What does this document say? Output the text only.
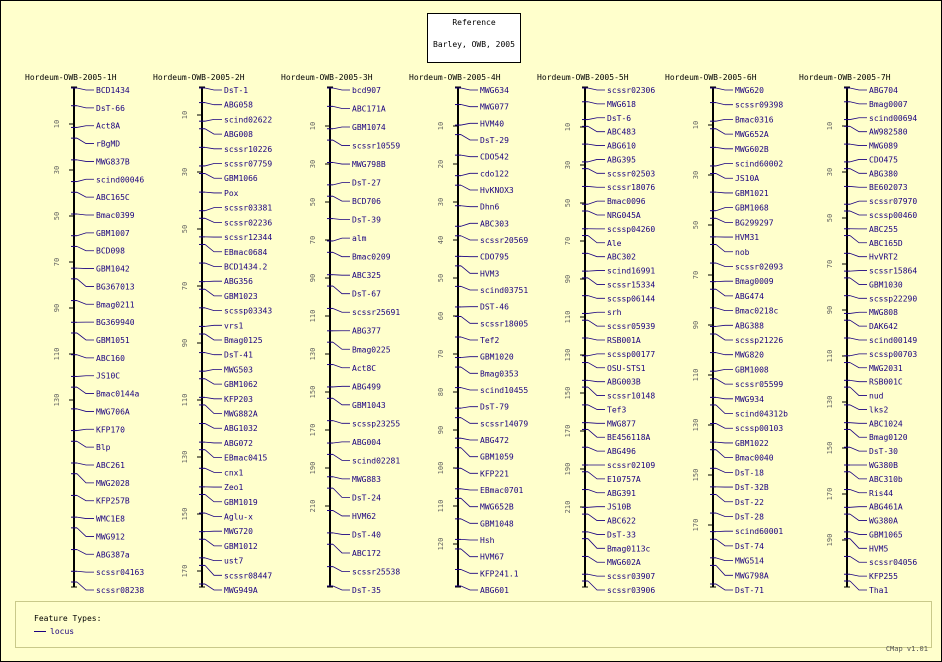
Reference
Barley, OWB, 2005
Hordeum-OWB-2005-1H
10
30
50
70
90
110
130
BCD1434
DsT-66
Act8A
rBgMD
MWG837B
scind00046
ABC165C
Bmac0399
GBM1007
BCD098
GBM1042
BG367013
Bmag0211
BG369940
GBM1051
ABC160
JS10C
Bmac0144a
MWG706A
KFP170
Blp
ABC261
MWG2028
KFP257B
WMC1E8
MWG912
ABG387a
scssr04163
scssr08238
Hordeum-OWB-2005-2H
10
30
50
70
90
110
130
150
170
DsT-1
ABG058
scind02622
ABG008
scssr10226
scssr07759
GBM1066
Pox
scssr03381
scssr02236
scssr12344
EBmac0684
BCD1434.2
ABG356
GBM1023
scssp03343
vrs1
Bmag0125
DsT-41
MWG503
GBM1062
KFP203
MWG882A
ABG1032
ABG072
EBmac0415
cnx1
Zeo1
GBM1019
Aglu-x
MWG720
GBM1012
ust7
scssr08447
MWG949A
Hordeum-OWB-2005-3H
10
30
50
70
90
110
130
150
170
190
210
bcd907
ABC171A
GBM1074
scssr10559
MWG798B
DsT-27
BCD706
DsT-39
alm
Bmac0209
ABC325
DsT-67
scssr25691
ABG377
Bmag0225
Act8C
ABG499
GBM1043
scssp23255
ABG004
scind02281
MWG883
DsT-24
HVM62
DsT-40
ABC172
scssr25538
DsT-35
Hordeum-OWB-2005-4H
10
20
30
40
50
60
70
80
90
100
110
120
MWG634
MWG077
HVM40
DsT-29
CDO542
cdo122
HvKNOX3
Dhn6
ABC303
scssr20569
CDO795
HVM3
scind03751
DST-46
scssr18005
Tef2
GBM1020
Bmag0353
scind10455
DsT-79
scssr14079
ABG472
GBM1059
KFP221
EBmac0701
MWG652B
GBM1048
Hsh
HVM67
KFP241.1
ABG601
Hordeum-OWB-2005-5H
10
30
50
70
90
110
130
150
170
190
210
scssr02306
MWG618
DsT-6
ABC483
ABG610
ABG395
scssr02503
scssr18076
Bmac0096
NRG045A
scssp04260
Ale
ABC302
scind16991
scssr15334
scssp06144
srh
scssr05939
RSB001A
scssp00177
OSU-STS1
ABG003B
scssr10148
Tef3
MWG877
BE456118A
ABG496
scssr02109
E10757A
ABG391
JS10B
ABC622
DsT-33
Bmag0113c
MWG602A
scssr03907
scssr03906
Hordeum-OWB-2005-6H
10
30
50
70
90
110
130
150
170
MWG620
scssr09398
Bmac0316
MWG652A
MWG602B
scind60002
JS10A
GBM1021
GBM1068
BG299297
HVM31
nob
scssr02093
Bmag0009
ABG474
Bmac0218c
ABG388
scssp21226
MWG820
GBM1008
scssr05599
MWG934
scind04312b
scssp00103
GBM1022
Bmac0040
DsT-18
DsT-32B
DsT-22
DsT-28
scind60001
DsT-74
MWG514
MWG798A
DsT-71
Hordeum-OWB-2005-7H
10
30
50
70
90
110
130
150
170
190
ABG704
Bmag0007
scind00694
AW982580
MWG089
CDO475
ABG380
BE602073
scssr07970
scssp00460
ABC255
ABC165D
HvVRT2
scssr15864
GBM1030
scssp22290
MWG808
DAK642
scind00149
scssp00703
MWG2031
RSB001C
nud
lks2
ABC1024
Bmag0120
DsT-30
WG380B
ABC310b
Ris44
ABG461A
WG380A
GBM1065
HVM5
scssr04056
KFP255
Tha1
Feature Types:
locus
CMap v1.01
